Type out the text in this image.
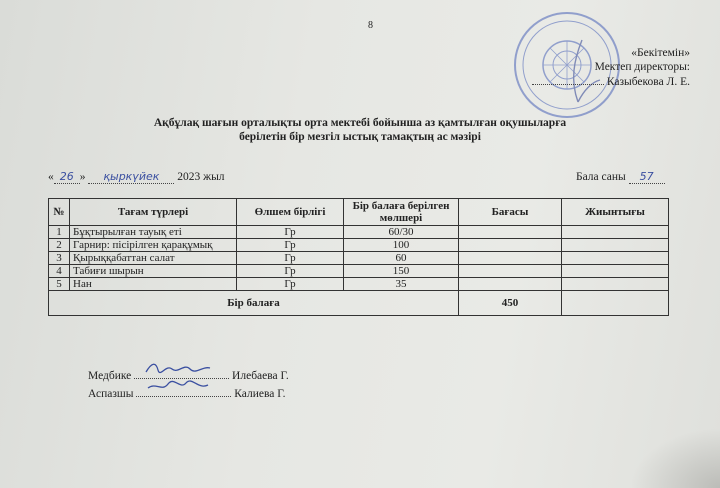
8
«Бекітемін»
Мектеп директоры:
Казыбекова Л. Е.
Ақбұлақ шағын орталықты орта мектебі бойынша аз қамтылған оқушыларға
берілетін бір мезгіл ыстық тамақтың ас мәзірі
« 26 » қыркүйек 2023 жыл	Бала саны 57
№	Тағам түрлері	Өлшем бірлігі	Бір балаға берілген мөлшері	Бағасы	Жиынтығы
1	Бұқтырылған тауық еті	Гр	60/30		
2	Гарнир: пісірілген қарақұмық	Гр	100		
3	Қырыққабаттан салат	Гр	60		
4	Табиғи шырын	Гр	150		
5	Нан	Гр	35		
Бір балаға				450	
Медбике	Илебаева Г.
Аспазшы	Калиева Г.
